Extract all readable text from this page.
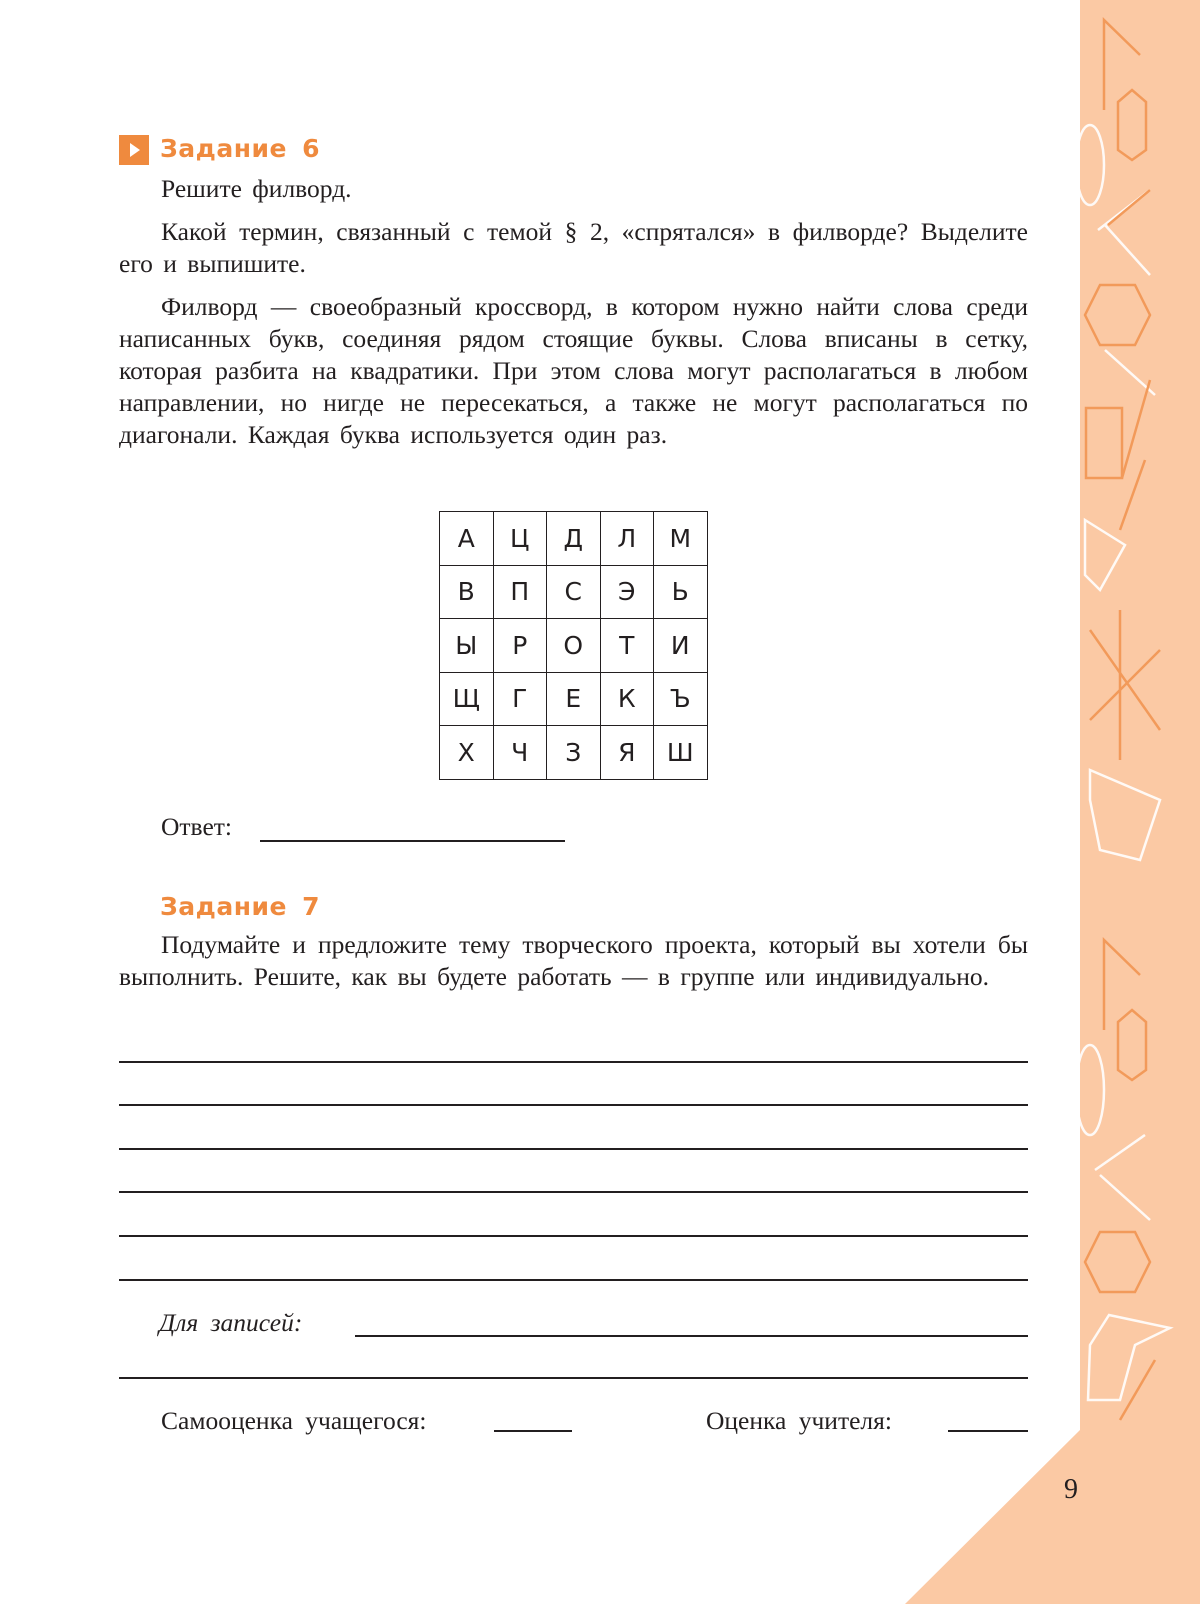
Задание 6
Решите филворд.
Какой термин, связанный с темой § 2, «спрятался» в филворде? Выделите его и выпишите.
Филворд — своеобразный кроссворд, в котором нужно найти слова среди написанных букв, соединяя рядом стоящие буквы. Слова вписаны в сетку, которая разбита на квадратики. При этом слова могут располагаться в любом направлении, но нигде не пересекаться, а также не могут располагаться по диагонали. Каждая буква используется один раз.
А	Ц	Д	Л	М
В	П	С	Э	Ь
Ы	Р	О	Т	И
Щ	Г	Е	К	Ъ
Х	Ч	З	Я	Ш
Ответ:
Задание 7
Подумайте и предложите тему творческого проекта, который вы хотели бы выполнить. Решите, как вы будете работать — в группе или индивидуально.
Для записей:
Самооценка учащегося:	Оценка учителя:
9
